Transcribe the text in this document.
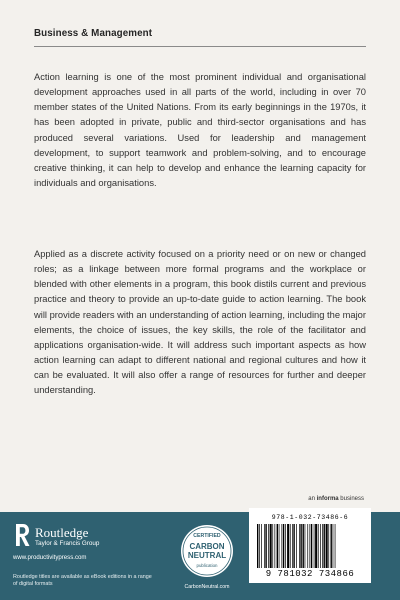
Business & Management
Action learning is one of the most prominent individual and organisational development approaches used in all parts of the world, including in over 70 member states of the United Nations. From its early beginnings in the 1970s, it has been adopted in private, public and third-sector organisations and has produced several variations. Used for leadership and management development, to support teamwork and problem-solving, and to encourage creative thinking, it can help to develop and enhance the learning capacity for individuals and organisations.
Applied as a discrete activity focused on a priority need or on new or changed roles; as a linkage between more formal programs and the workplace or blended with other elements in a program, this book distils current and previous practice and theory to provide an up-to-date guide to action learning. The book will provide readers with an understanding of action learning, including the major elements, the choice of issues, the key skills, the role of the facilitator and applications organisation-wide. It will address such important aspects as how action learning can adapt to different national and regional cultures and how it can be evaluated. It will also offer a range of resources for further and deeper understanding.
an informa business
Routledge
Taylor & Francis Group
www.productivitypress.com
Routledge titles are available as eBook editions in a range of digital formats
CERTIFIED
CARBON
NEUTRAL
publication
CarbonNeutral.com
978-1-032-73486-6
9 781032 734866
